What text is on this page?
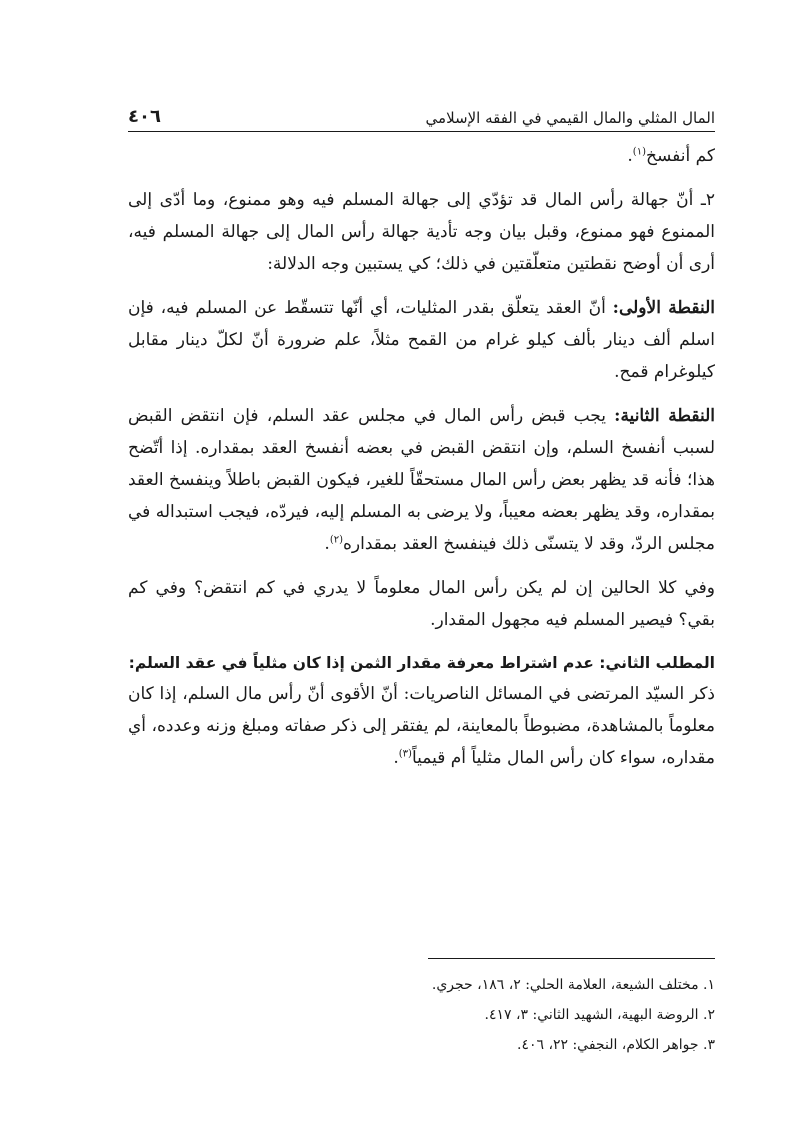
المال المثلي والمال القيمي في الفقه الإسلامي
٤٠٦

كم أنفسخ$^{(١)}$.

٢ـ أنّ جهالة رأس المال قد تؤدّي إلى جهالة المسلم فيه وهو ممنوع، وما أدّى إلى الممنوع فهو ممنوع، وقبل بيان وجه تأدية جهالة رأس المال إلى جهالة المسلم فيه، أرى أن أوضح نقطتين متعلّقتين في ذلك؛ كي يستبين وجه الدلالة:

النقطة الأولى: أنّ العقد يتعلّق بقدر المثليات، أي أنّها تتسقّط عن المسلم فيه، فإن اسلم ألف دينار بألف كيلو غرام من القمح مثلاً، علم ضرورة أنّ لكلّ دينار مقابل كيلوغرام قمح.

النقطة الثانية: يجب قبض رأس المال في مجلس عقد السلم، فإن انتقض القبض لسبب أنفسخ السلم، وإن انتقض القبض في بعضه أنفسخ العقد بمقداره. إذا أتّضح هذا؛ فأنه قد يظهر بعض رأس المال مستحقّاً للغير، فيكون القبض باطلاً وينفسخ العقد بمقداره، وقد يظهر بعضه معيباً، ولا يرضى به المسلم إليه، فيردّه، فيجب استبداله في مجلس الردّ، وقد لا يتسنّى ذلك فينفسخ العقد بمقداره$^{(٢)}$.

وفي كلا الحالين إن لم يكن رأس المال معلوماً لا يدري في كم انتقض؟ وفي كم بقي؟ فيصير المسلم فيه مجهول المقدار.

المطلب الثاني: عدم اشتراط معرفة مقدار الثمن إذا كان مثلياً في عقد السلم:

ذكر السيّد المرتضى في المسائل الناصريات: أنّ الأقوى أنّ رأس مال السلم، إذا كان معلوماً بالمشاهدة، مضبوطاً بالمعاينة، لم يفتقر إلى ذكر صفاته ومبلغ وزنه وعدده، أي مقداره، سواء كان رأس المال مثلياً أم قيمياً$^{(٣)}$.

١. مختلف الشيعة، العلامة الحلي: ٢، ١٨٦، حجري.

٢. الروضة البهية، الشهيد الثاني: ٣، ٤١٧.

٣. جواهر الكلام، النجفي: ٢٢، ٤٠٦.
